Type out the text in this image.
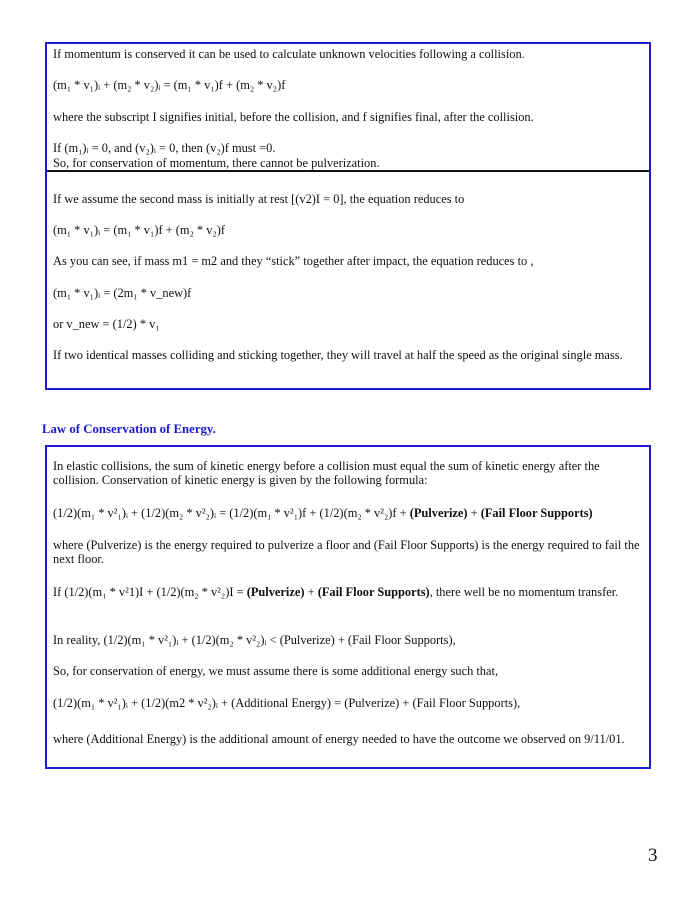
If momentum is conserved it can be used to calculate unknown velocities following a collision.
(m₁ * v₁)ᵢ + (m₂ * v₂)ᵢ = (m₁ * v₁)f + (m₂ * v₂)f
where the subscript I signifies initial, before the collision, and f signifies final, after the collision.
If (m₁)ᵢ = 0, and (v₂)ᵢ = 0, then (v₂)f must =0.
So, for conservation of momentum, there cannot be pulverization.
If we assume the second mass is initially at rest [(v2)I = 0], the equation reduces to
(m₁ * v₁)ᵢ = (m₁ * v₁)f + (m₂ * v₂)f
As you can see, if mass m1 = m2 and they “stick” together after impact, the equation reduces to ,
(m₁ * v₁)ᵢ = (2m₁ * v_new)f
or v_new = (1/2) * v₁
If two identical masses colliding and sticking together, they will travel at half the speed as the original single mass.
Law of Conservation of Energy.
In elastic collisions, the sum of kinetic energy before a collision must equal the sum of kinetic energy after the collision. Conservation of kinetic energy is given by the following formula:
(1/2)(m₁ * v²₁)ᵢ + (1/2)(m₂ * v²₂)ᵢ = (1/2)(m₁ * v²₁)f + (1/2)(m₂ * v²₂)f + (Pulverize) + (Fail Floor Supports)
where (Pulverize) is the energy required to pulverize a floor and (Fail Floor Supports) is the energy required to fail the next floor.
If (1/2)(m₁ * v²1)I + (1/2)(m₂ * v²₂)I = (Pulverize) + (Fail Floor Supports), there well be no momentum transfer.
In reality, (1/2)(m₁ * v²₁)ᵢ + (1/2)(m₂ * v²₂)ᵢ < (Pulverize) + (Fail Floor Supports),
So, for conservation of energy, we must assume there is some additional energy such that,
(1/2)(m₁ * v²₁)ᵢ + (1/2)(m2 * v²₂)ᵢ + (Additional Energy) = (Pulverize) + (Fail Floor Supports),
where (Additional Energy) is the additional amount of energy needed to have the outcome we observed on 9/11/01.
3
